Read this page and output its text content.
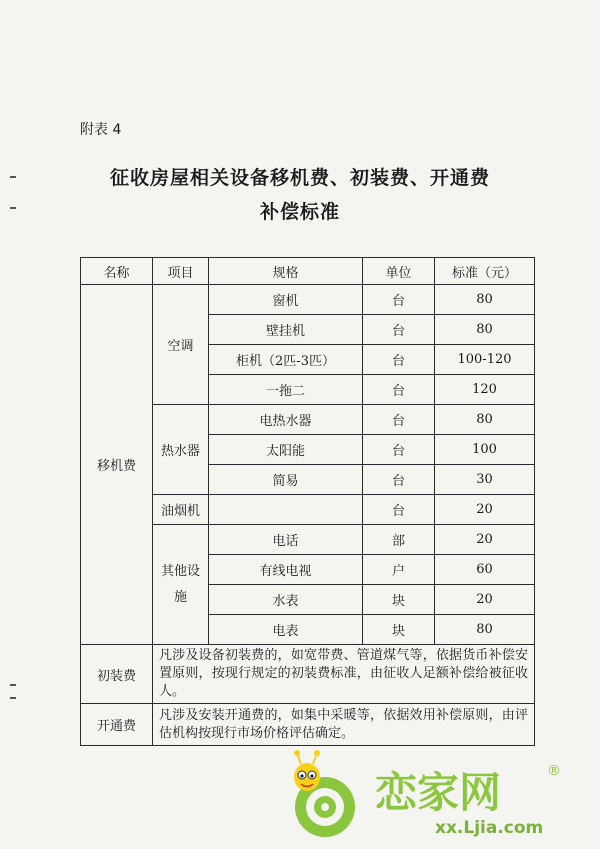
附表 4
征收房屋相关设备移机费、初装费、开通费
补偿标准
名称	项目	规格	单位	标准（元）
移机费	空调	窗机	台	80
		壁挂机	台	80
		柜机（2匹-3匹）	台	100-120
		一拖二	台	120
	热水器	电热水器	台	80
		太阳能	台	100
		简易	台	30
	油烟机		台	20
	其他设施	电话	部	20
		有线电视	户	60
		水表	块	20
		电表	块	80
初装费	凡涉及设备初装费的，如宽带费、管道煤气等，依据货币补偿安置原则，按现行规定的初装费标准，由征收人足额补偿给被征收人。			
开通费	凡涉及安装开通费的，如集中采暖等，依据效用补偿原则，由评估机构按现行市场价格评估确定。			
恋家网	®
xx.Ljia.com
